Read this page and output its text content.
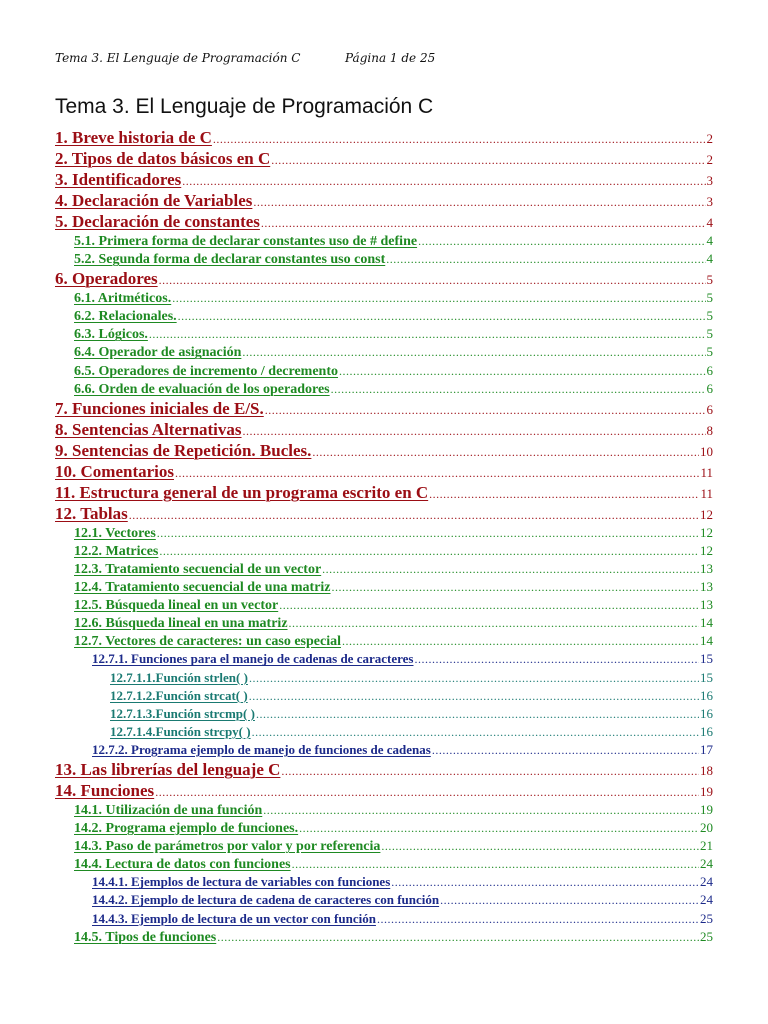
Tema 3. El Lenguaje de Programación C	Página 1 de 25
Tema 3. El Lenguaje de Programación C
1. Breve historia de C .....	2
2. Tipos de datos básicos en C .....	2
3. Identificadores .....	3
4. Declaración de Variables .....	3
5. Declaración de constantes .....	4
5.1. Primera forma de declarar constantes uso de # define .....	4
5.2. Segunda forma de declarar constantes uso const .....	4
6. Operadores .....	5
6.1. Aritméticos. .....	5
6.2. Relacionales. .....	5
6.3. Lógicos. .....	5
6.4. Operador de asignación .....	5
6.5. Operadores de incremento / decremento .....	6
6.6. Orden de evaluación de los operadores .....	6
7. Funciones iniciales de E/S. .....	6
8. Sentencias Alternativas .....	8
9. Sentencias de Repetición. Bucles. .....	10
10. Comentarios .....	11
11. Estructura general de un programa escrito en C .....	11
12. Tablas .....	12
12.1. Vectores .....	12
12.2. Matrices .....	12
12.3. Tratamiento secuencial de un vector .....	13
12.4. Tratamiento secuencial de una matriz .....	13
12.5. Búsqueda lineal en un vector .....	13
12.6. Búsqueda lineal en una matriz .....	14
12.7. Vectores de caracteres: un caso especial .....	14
12.7.1. Funciones para el manejo de cadenas de caracteres .....	15
12.7.1.1.Función strlen( ) .....	15
12.7.1.2.Función strcat( ) .....	16
12.7.1.3.Función strcmp( ) .....	16
12.7.1.4.Función strcpy( ) .....	16
12.7.2. Programa ejemplo de manejo de funciones de cadenas .....	17
13. Las librerías del lenguaje C .....	18
14. Funciones .....	19
14.1. Utilización de una función .....	19
14.2. Programa ejemplo de funciones. .....	20
14.3. Paso de parámetros por valor y por referencia .....	21
14.4. Lectura de datos con funciones .....	24
14.4.1. Ejemplos de lectura de variables con funciones .....	24
14.4.2. Ejemplo de lectura de cadena de caracteres con función .....	24
14.4.3. Ejemplo de lectura de un vector con función .....	25
14.5. Tipos de funciones .....	25
